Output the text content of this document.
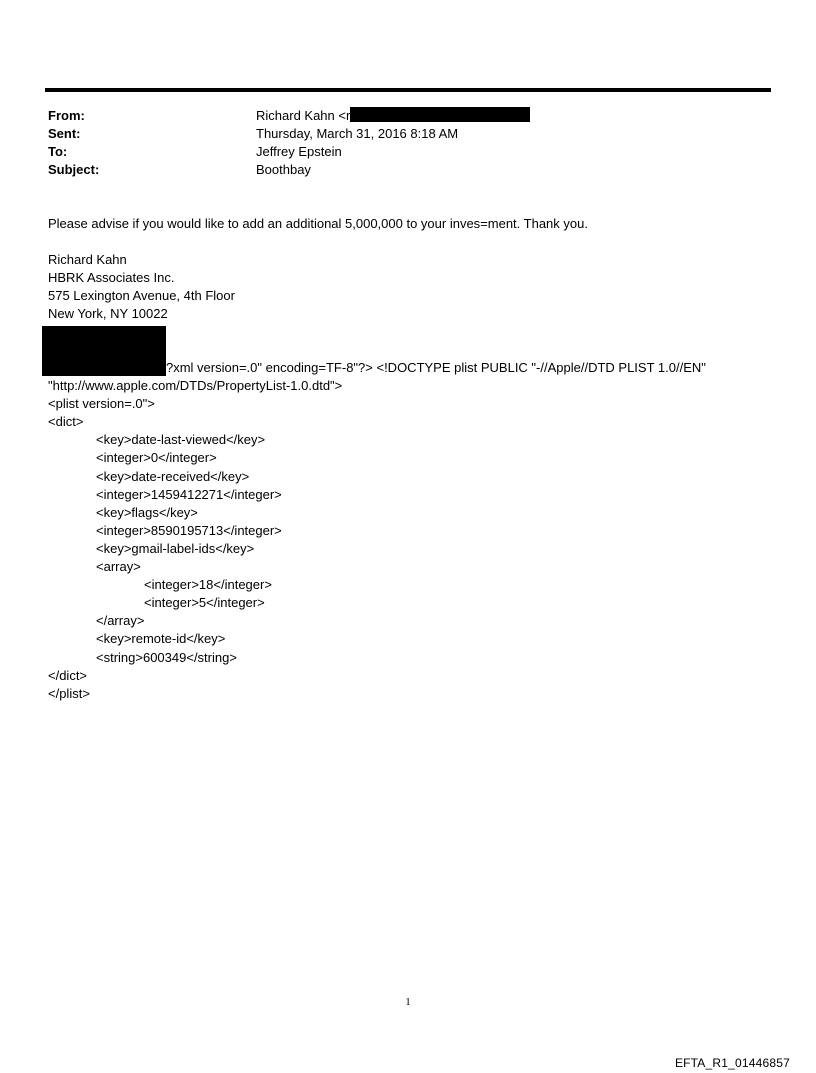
From:	Richard Kahn <r
Sent:	Thursday, March 31, 2016 8:18 AM
To:	Jeffrey Epstein
Subject:	Boothbay

Please advise if you would like to add an additional 5,000,000 to your inves=ment. Thank you.

Richard Kahn
HBRK Associates Inc.
575 Lexington Avenue, 4th Floor
New York, NY 10022
?xml version=.0" encoding=TF-8"?> <!DOCTYPE plist PUBLIC "-//Apple//DTD PLIST 1.0//EN"
"http://www.apple.com/DTDs/PropertyList-1.0.dtd">
<plist version=.0">
<dict>
<key>date-last-viewed</key>
<integer>0</integer>
<key>date-received</key>
<integer>1459412271</integer>
<key>flags</key>
<integer>8590195713</integer>
<key>gmail-label-ids</key>
<array>
<integer>18</integer>
<integer>5</integer>
</array>
<key>remote-id</key>
<string>600349</string>
</dict>
</plist>
1
EFTA_R1_01446857
